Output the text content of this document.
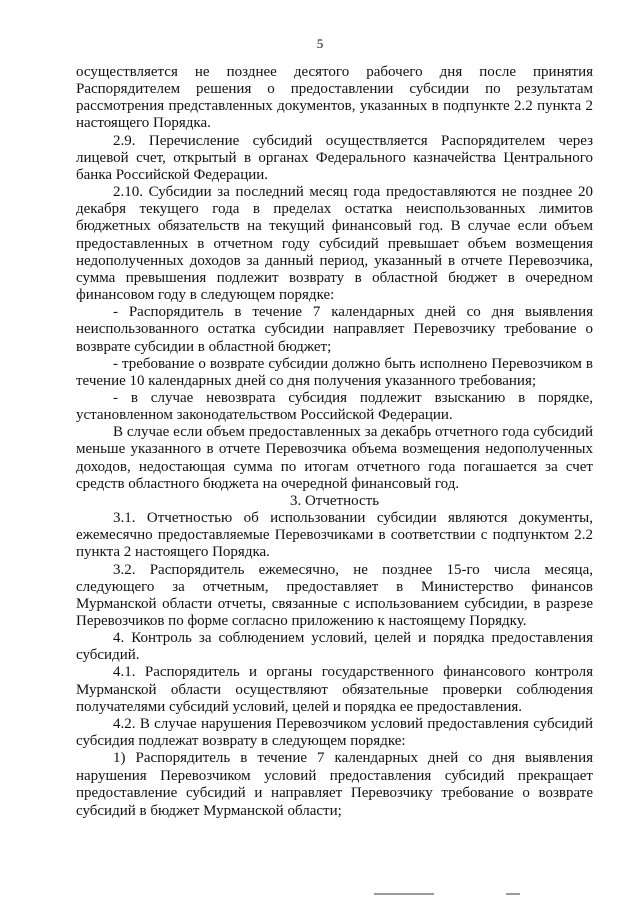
5

осуществляется не позднее десятого рабочего дня после принятия Распорядителем решения о предоставлении субсидии по результатам рассмотрения представленных документов, указанных в подпункте 2.2 пункта 2 настоящего Порядка.

2.9. Перечисление субсидий осуществляется Распорядителем через лицевой счет, открытый в органах Федерального казначейства Центрального банка Российской Федерации.

2.10. Субсидии за последний месяц года предоставляются не позднее 20 декабря текущего года в пределах остатка неиспользованных лимитов бюджетных обязательств на текущий финансовый год. В случае если объем предоставленных в отчетном году субсидий превышает объем возмещения недополученных доходов за данный период, указанный в отчете Перевозчика, сумма превышения подлежит возврату в областной бюджет в очередном финансовом году в следующем порядке:

- Распорядитель в течение 7 календарных дней со дня выявления неиспользованного остатка субсидии направляет Перевозчику требование о возврате субсидии в областной бюджет;

- требование о возврате субсидии должно быть исполнено Перевозчиком в течение 10 календарных дней со дня получения указанного требования;

- в случае невозврата субсидия подлежит взысканию в порядке, установленном законодательством Российской Федерации.

В случае если объем предоставленных за декабрь отчетного года субсидий меньше указанного в отчете Перевозчика объема возмещения недополученных доходов, недостающая сумма по итогам отчетного года погашается за счет средств областного бюджета на очередной финансовый год.

3. Отчетность

3.1. Отчетностью об использовании субсидии являются документы, ежемесячно предоставляемые Перевозчиками в соответствии с подпунктом 2.2 пункта 2 настоящего Порядка.

3.2. Распорядитель ежемесячно, не позднее 15-го числа месяца, следующего за отчетным, предоставляет в Министерство финансов Мурманской области отчеты, связанные с использованием субсидии, в разрезе Перевозчиков по форме согласно приложению к настоящему Порядку.

4. Контроль за соблюдением условий, целей и порядка предоставления субсидий.

4.1. Распорядитель и органы государственного финансового контроля Мурманской области осуществляют обязательные проверки соблюдения получателями субсидий условий, целей и порядка ее предоставления.

4.2. В случае нарушения Перевозчиком условий предоставления субсидий субсидия подлежат возврату в следующем порядке:

1) Распорядитель в течение 7 календарных дней со дня выявления нарушения Перевозчиком условий предоставления субсидий прекращает предоставление субсидий и направляет Перевозчику требование о возврате субсидий в бюджет Мурманской области;
